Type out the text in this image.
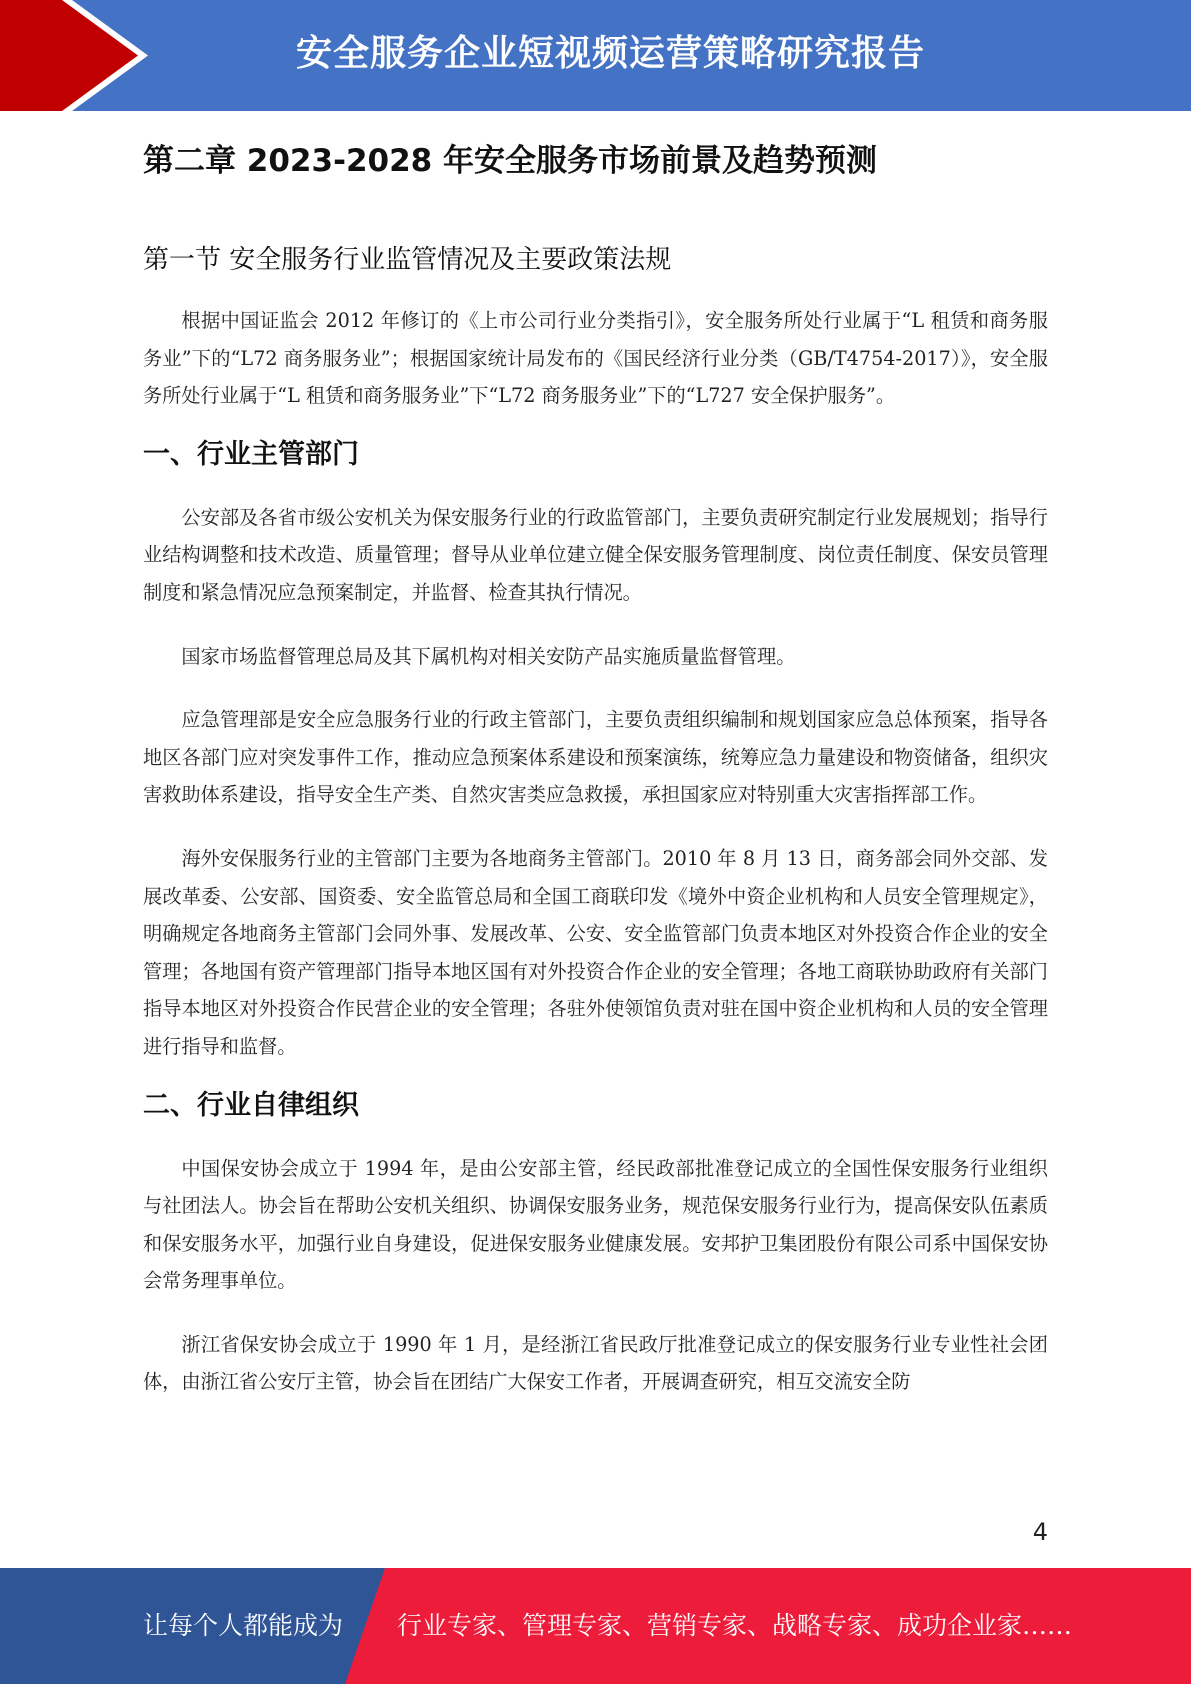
安全服务企业短视频运营策略研究报告
第二章 2023-2028 年安全服务市场前景及趋势预测
第一节 安全服务行业监管情况及主要政策法规

根据中国证监会 2012 年修订的《上市公司行业分类指引》，安全服务所处行业属于“L 租赁和商务服务业”下的“L72 商务服务业”；根据国家统计局发布的《国民经济行业分类（GB/T4754-2017）》，安全服务所处行业属于“L 租赁和商务服务业”下“L72 商务服务业”下的“L727 安全保护服务”。

一、行业主管部门

公安部及各省市级公安机关为保安服务行业的行政监管部门，主要负责研究制定行业发展规划；指导行业结构调整和技术改造、质量管理；督导从业单位建立健全保安服务管理制度、岗位责任制度、保安员管理制度和紧急情况应急预案制定，并监督、检查其执行情况。

国家市场监督管理总局及其下属机构对相关安防产品实施质量监督管理。

应急管理部是安全应急服务行业的行政主管部门，主要负责组织编制和规划国家应急总体预案，指导各地区各部门应对突发事件工作，推动应急预案体系建设和预案演练，统筹应急力量建设和物资储备，组织灾害救助体系建设，指导安全生产类、自然灾害类应急救援，承担国家应对特别重大灾害指挥部工作。

海外安保服务行业的主管部门主要为各地商务主管部门。2010 年 8 月 13 日，商务部会同外交部、发展改革委、公安部、国资委、安全监管总局和全国工商联印发《境外中资企业机构和人员安全管理规定》，明确规定各地商务主管部门会同外事、发展改革、公安、安全监管部门负责本地区对外投资合作企业的安全管理；各地国有资产管理部门指导本地区国有对外投资合作企业的安全管理；各地工商联协助政府有关部门指导本地区对外投资合作民营企业的安全管理；各驻外使领馆负责对驻在国中资企业机构和人员的安全管理进行指导和监督。

二、行业自律组织

中国保安协会成立于 1994 年，是由公安部主管，经民政部批准登记成立的全国性保安服务行业组织与社团法人。协会旨在帮助公安机关组织、协调保安服务业务，规范保安服务行业行为，提高保安队伍素质和保安服务水平，加强行业自身建设，促进保安服务业健康发展。安邦护卫集团股份有限公司系中国保安协会常务理事单位。

浙江省保安协会成立于 1990 年 1 月，是经浙江省民政厅批准登记成立的保安服务行业专业性社会团体，由浙江省公安厅主管，协会旨在团结广大保安工作者，开展调查研究，相互交流安全防

4
让每个人都能成为 行业专家、管理专家、营销专家、战略专家、成功企业家……
